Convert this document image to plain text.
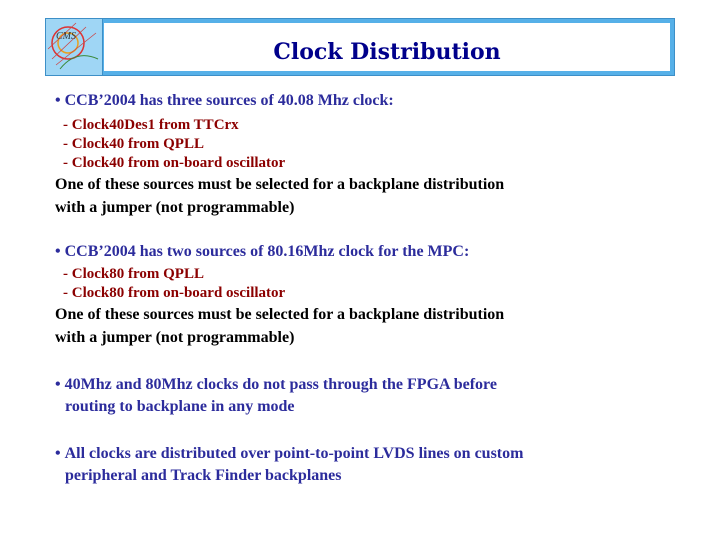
CMS
Clock Distribution

• CCB’2004 has three sources of 40.08 Mhz clock:

- Clock40Des1 from TTCrx

- Clock40 from QPLL

- Clock40 from on-board oscillator

One of these sources must be selected for a backplane distribution

with a jumper (not programmable)

• CCB’2004 has two sources of 80.16Mhz clock for the MPC:

- Clock80 from QPLL

- Clock80 from on-board oscillator

One of these sources must be selected for a backplane distribution

with a jumper (not programmable)

• 40Mhz and 80Mhz clocks do not pass through the FPGA before

routing to backplane in any mode

• All clocks are distributed over point-to-point LVDS lines on custom

peripheral and Track Finder backplanes
